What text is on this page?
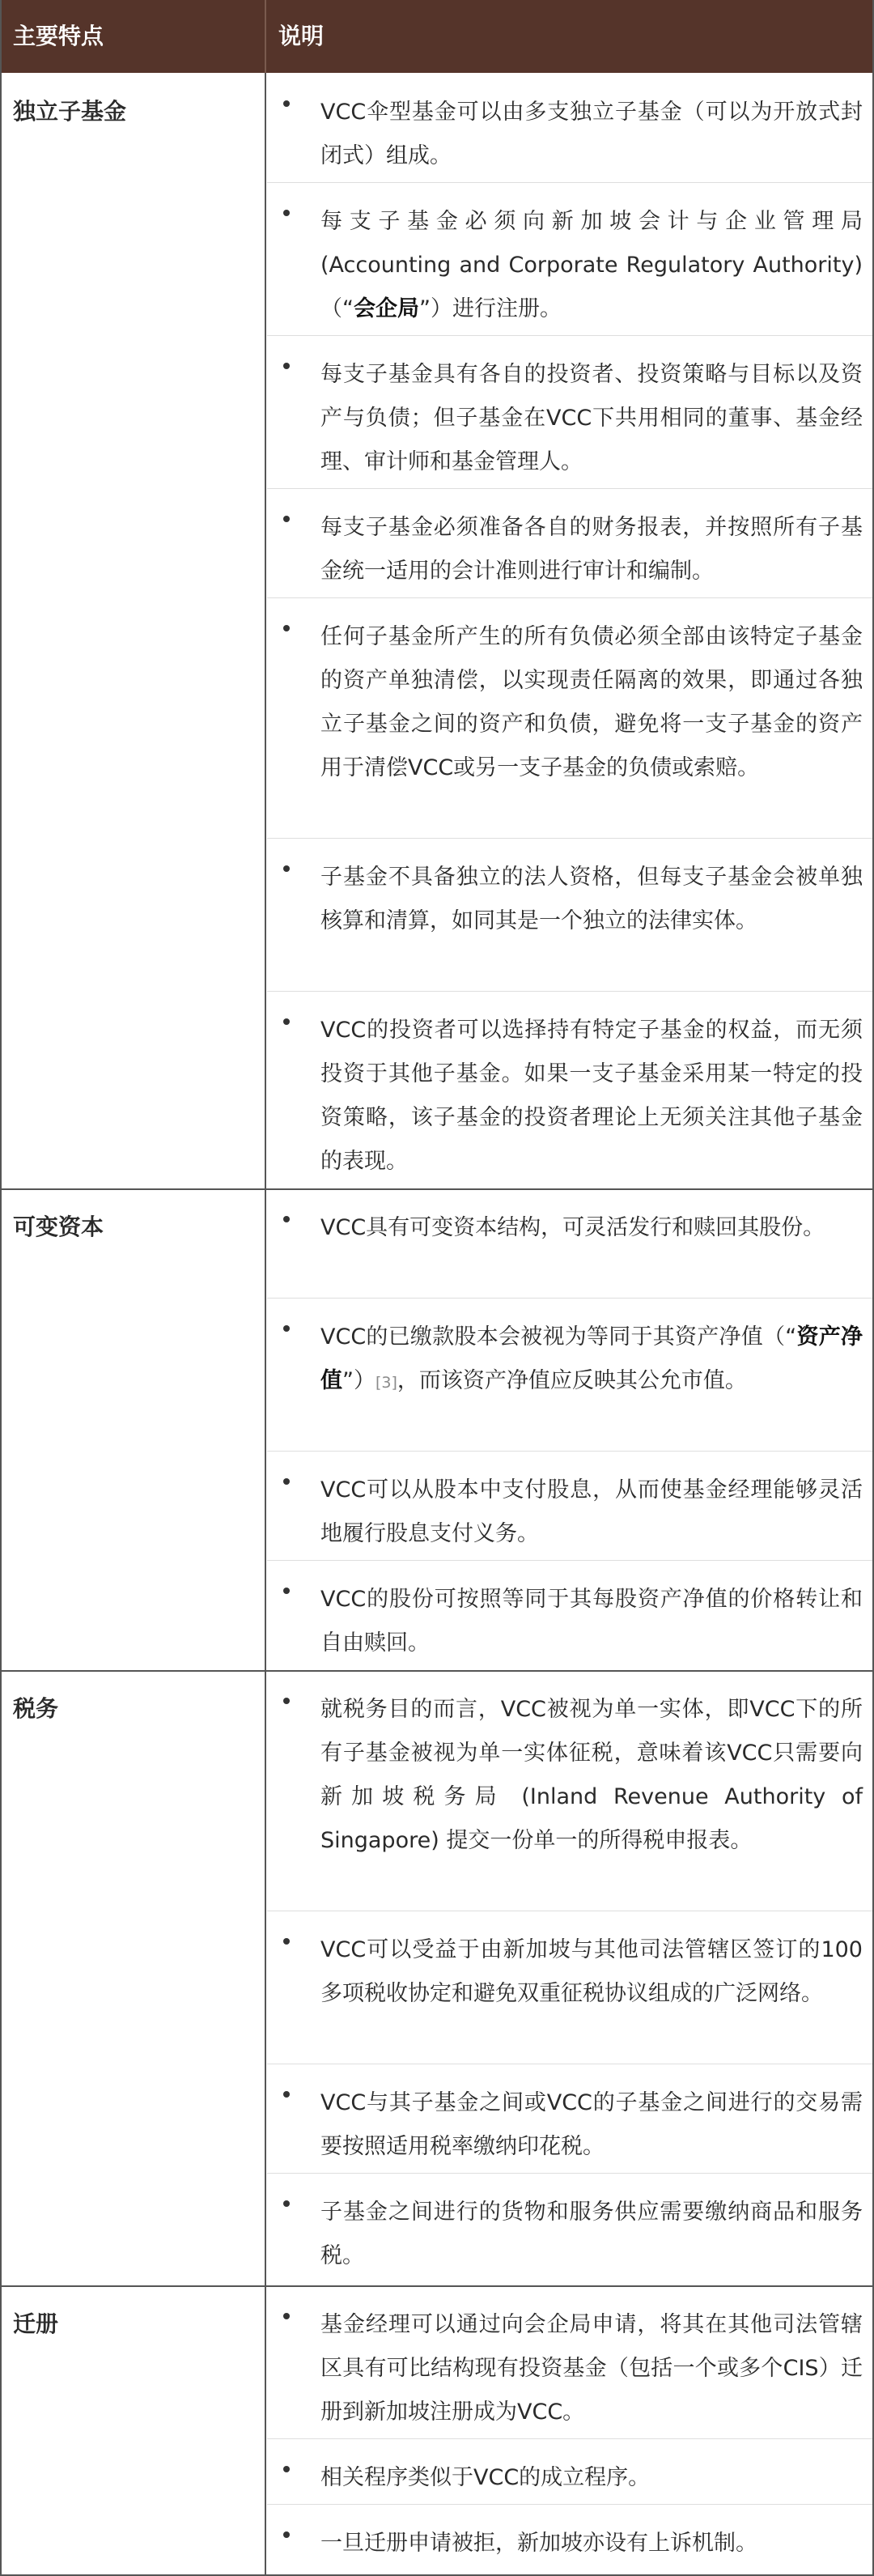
主要特点	说明
独立子基金	VCC伞型基金可以由多支独立子基金（可以为开放式封闭式）组成。
每支子基金必须向新加坡会计与企业管理局 (Accounting and Corporate Regulatory Authority)（“会企局”）进行注册。
每支子基金具有各自的投资者、投资策略与目标以及资产与负债；但子基金在VCC下共用相同的董事、基金经理、审计师和基金管理人。
每支子基金必须准备各自的财务报表，并按照所有子基金统一适用的会计准则进行审计和编制。
任何子基金所产生的所有负债必须全部由该特定子基金的资产单独清偿，以实现责任隔离的效果，即通过各独立子基金之间的资产和负债，避免将一支子基金的资产用于清偿VCC或另一支子基金的负债或索赔。
子基金不具备独立的法人资格，但每支子基金会被单独核算和清算，如同其是一个独立的法律实体。
VCC的投资者可以选择持有特定子基金的权益，而无须投资于其他子基金。如果一支子基金采用某一特定的投资策略，该子基金的投资者理论上无须关注其他子基金的表现。
可变资本	VCC具有可变资本结构，可灵活发行和赎回其股份。
VCC的已缴款股本会被视为等同于其资产净值（“资产净值”）[3]，而该资产净值应反映其公允市值。
VCC可以从股本中支付股息，从而使基金经理能够灵活地履行股息支付义务。
VCC的股份可按照等同于其每股资产净值的价格转让和自由赎回。
税务	就税务目的而言，VCC被视为单一实体，即VCC下的所有子基金被视为单一实体征税，意味着该VCC只需要向新加坡税务局 (Inland Revenue Authority of Singapore) 提交一份单一的所得税申报表。
VCC可以受益于由新加坡与其他司法管辖区签订的100多项税收协定和避免双重征税协议组成的广泛网络。
VCC与其子基金之间或VCC的子基金之间进行的交易需要按照适用税率缴纳印花税。
子基金之间进行的货物和服务供应需要缴纳商品和服务税。
迁册	基金经理可以通过向会企局申请，将其在其他司法管辖区具有可比结构现有投资基金（包括一个或多个CIS）迁册到新加坡注册成为VCC。
相关程序类似于VCC的成立程序。
一旦迁册申请被拒，新加坡亦设有上诉机制。
